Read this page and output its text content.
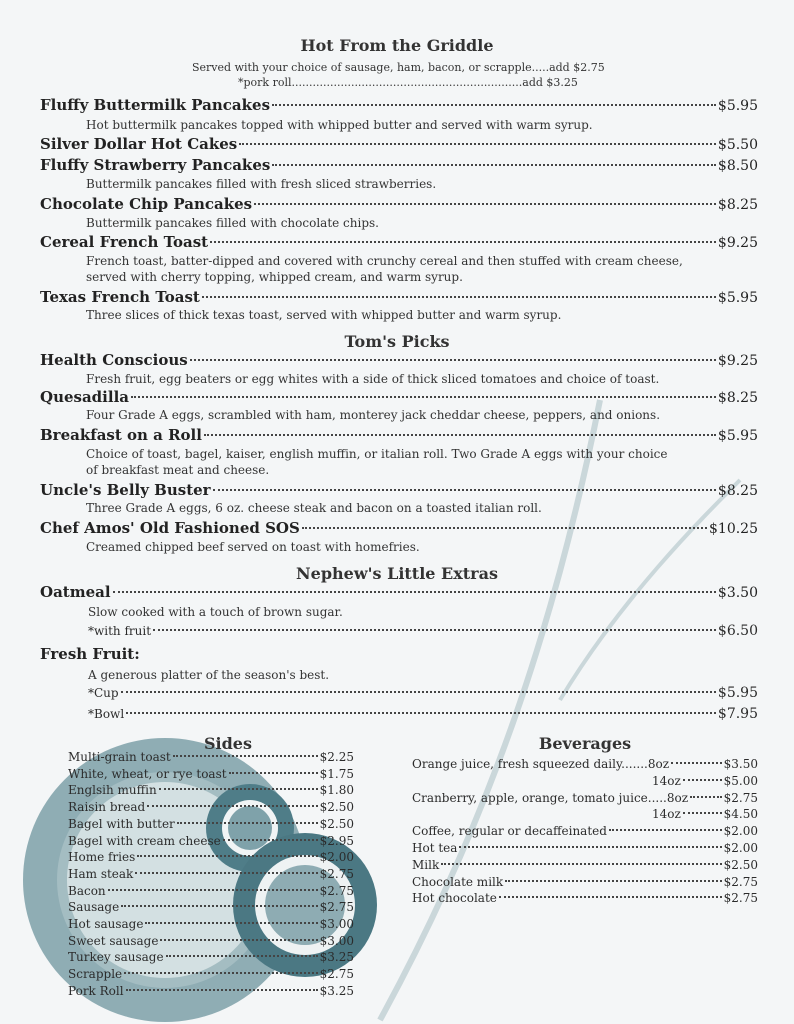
Hot From the Griddle
Served with your choice of sausage, ham, bacon, or scrapple.....add $2.75
*pork roll..................................................................add $3.25
Fluffy Buttermilk Pancakes	$5.95
Hot buttermilk pancakes topped with whipped butter and served with warm syrup.
Silver Dollar Hot Cakes	$5.50
Fluffy Strawberry Pancakes	$8.50
Buttermilk pancakes filled with fresh sliced strawberries.
Chocolate Chip Pancakes	$8.25
Buttermilk pancakes filled with chocolate chips.
Cereal French Toast	$9.25
French toast, batter-dipped and covered with crunchy cereal and then stuffed with cream cheese,
served with cherry topping, whipped cream, and warm syrup.
Texas French Toast	$5.95
Three slices of thick texas toast, served with whipped butter and warm syrup.
Tom's Picks
Health Conscious	$9.25
Fresh fruit, egg beaters or egg whites with a side of thick sliced tomatoes and choice of toast.
Quesadilla	$8.25
Four Grade A eggs, scrambled with ham, monterey jack cheddar cheese, peppers, and onions.
Breakfast on a Roll	$5.95
Choice of toast, bagel, kaiser, english muffin, or italian roll. Two Grade A eggs with your choice
of breakfast meat and cheese.
Uncle's Belly Buster	$8.25
Three Grade A eggs, 6 oz. cheese steak and bacon on a toasted italian roll.
Chef Amos' Old Fashioned SOS	$10.25
Creamed chipped beef served on toast with homefries.
Nephew's Little Extras
Oatmeal	$3.50
Slow cooked with a touch of brown sugar.
*with fruit	$6.50
Fresh Fruit:
A generous platter of the season's best.
*Cup	$5.95
*Bowl	$7.95
Sides
Multi-grain toast	$2.25
White, wheat, or rye toast	$1.75
Englsih muffin	$1.80
Raisin bread	$2.50
Bagel with butter	$2.50
Bagel with cream cheese	$2.95
Home fries	$2.00
Ham steak	$2.75
Bacon	$2.75
Sausage	$2.75
Hot sausage	$3.00
Sweet sausage	$3.00
Turkey sausage	$3.25
Scrapple	$2.75
Pork Roll	$3.25
Beverages
Orange juice, fresh squeezed daily.......8oz	$3.50
14oz	$5.00
Cranberry, apple, orange, tomato juice.....8oz	$2.75
14oz	$4.50
Coffee, regular or decaffeinated	$2.00
Hot tea	$2.00
Milk	$2.50
Chocolate milk	$2.75
Hot chocolate	$2.75
